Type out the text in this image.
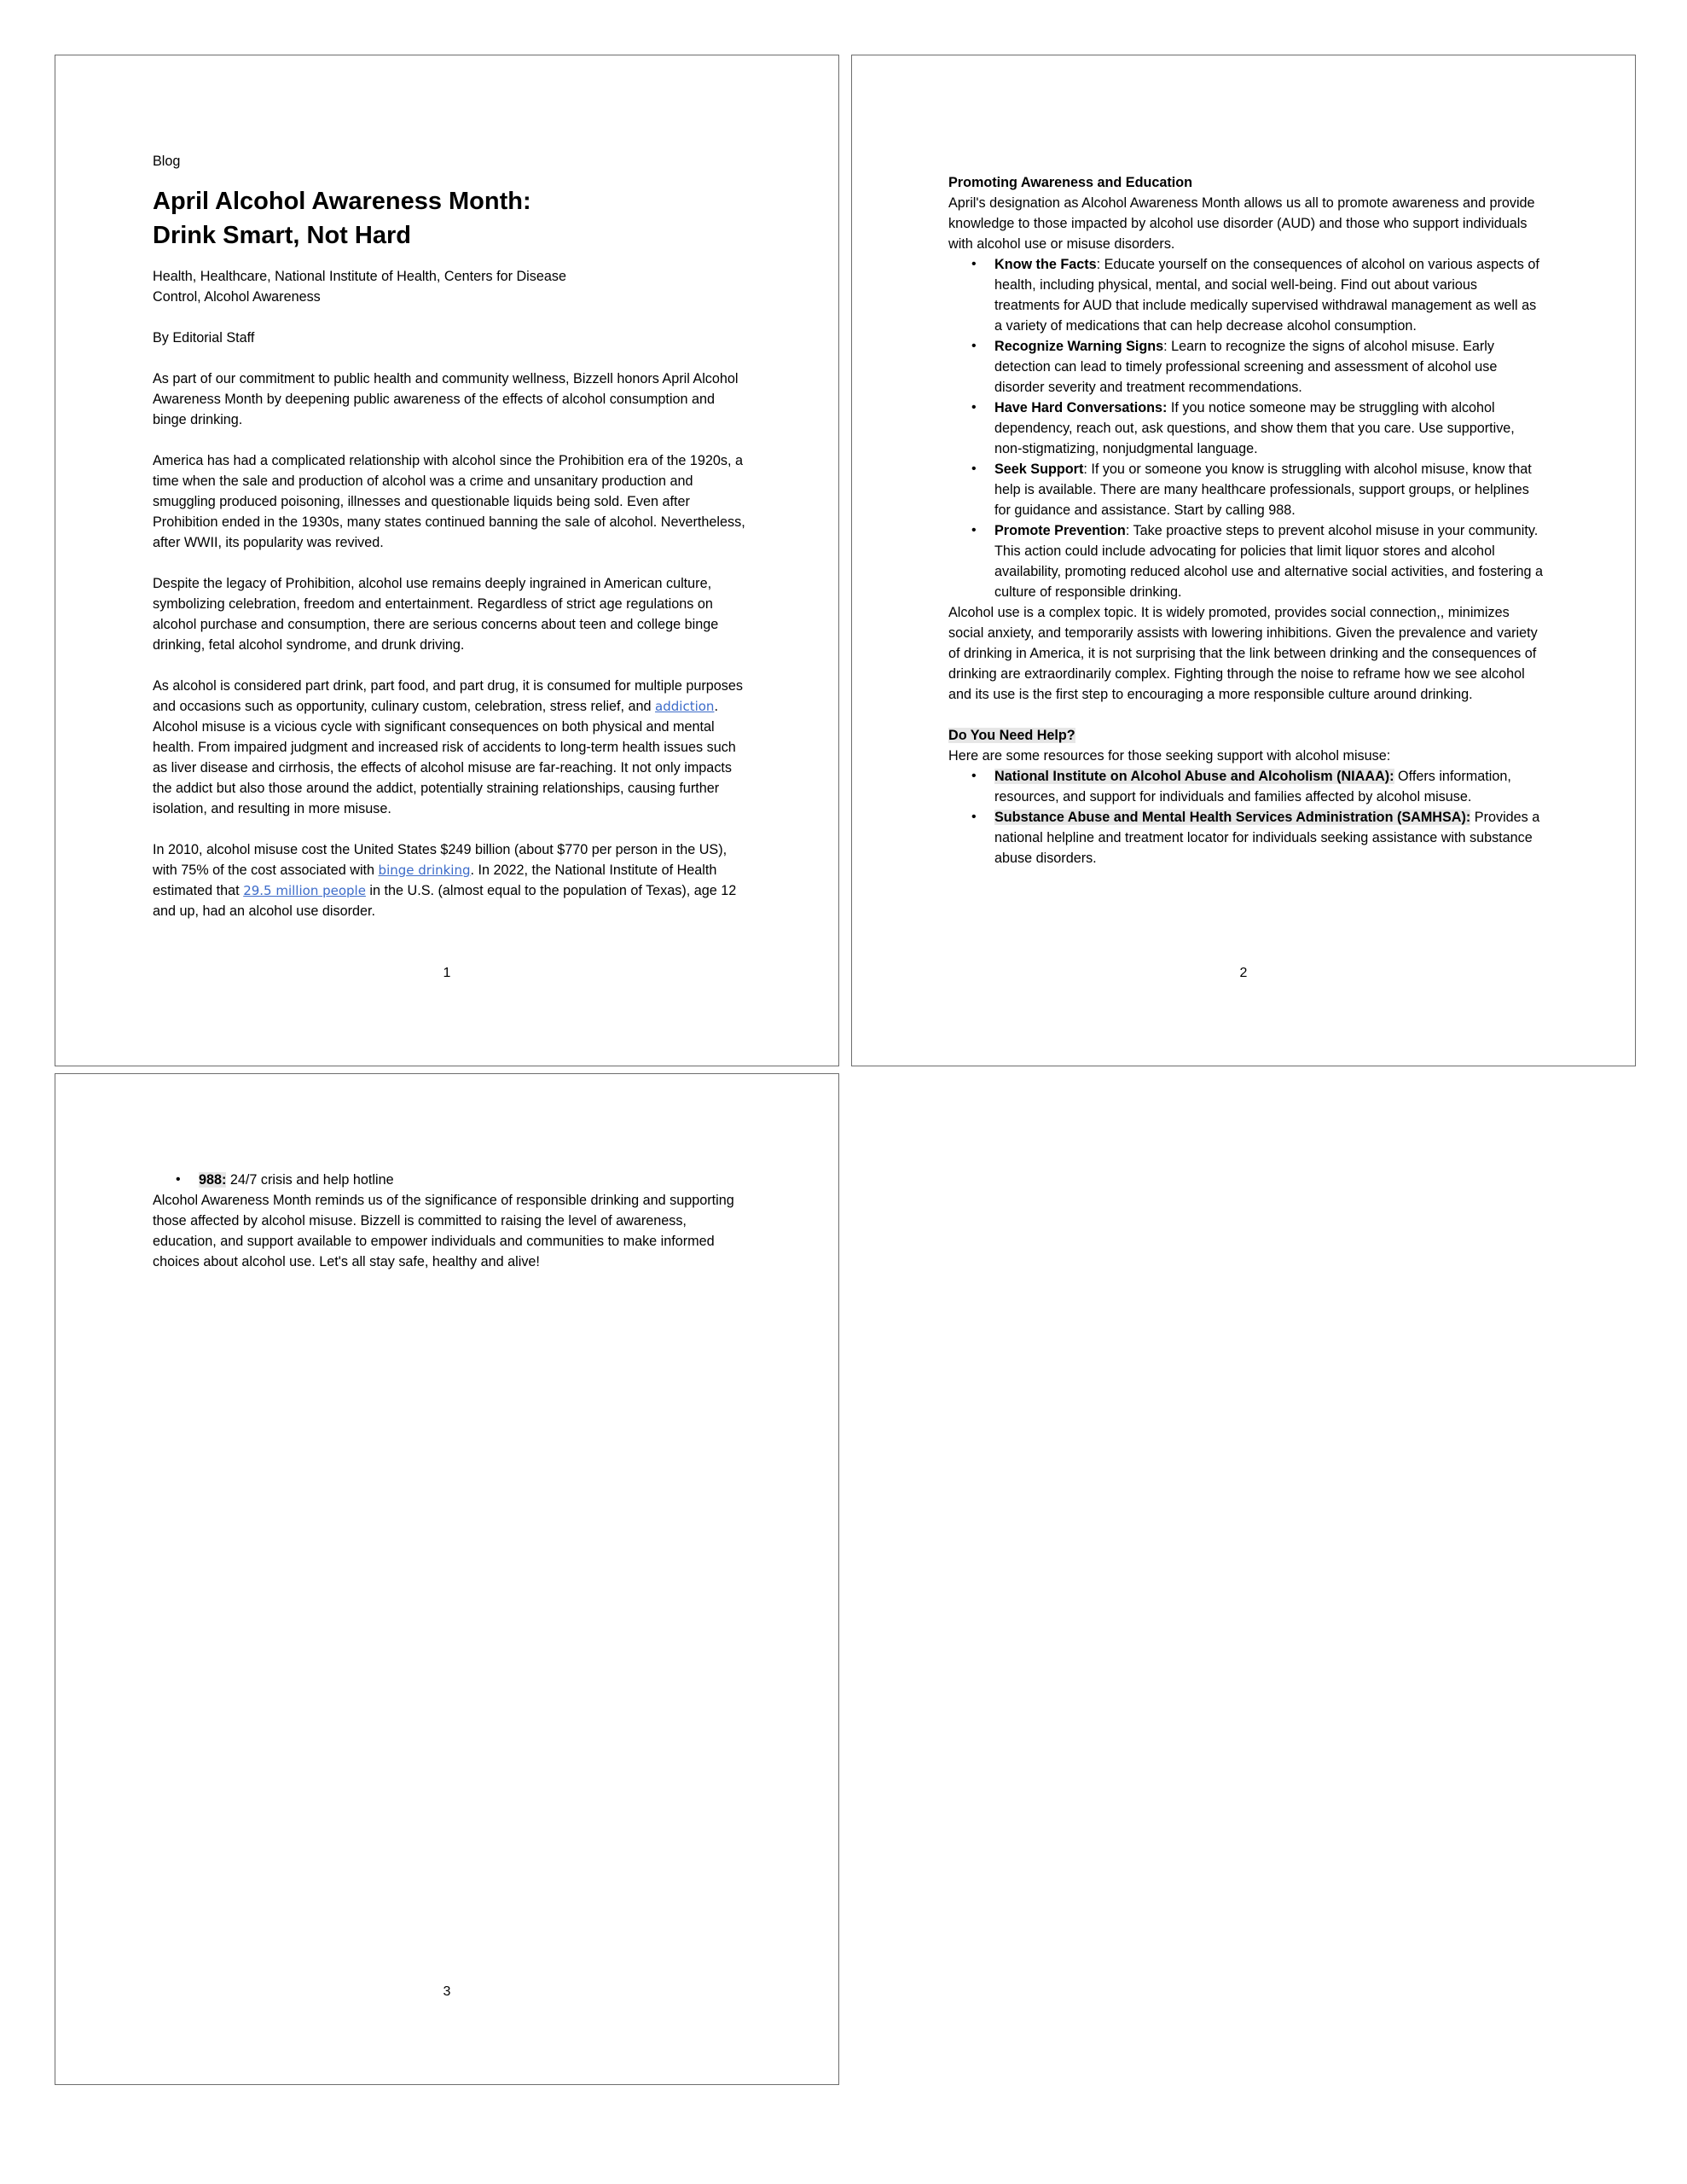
Blog

April Alcohol Awareness Month:
Drink Smart, Not Hard

Health, Healthcare, National Institute of Health, Centers for Disease
Control, Alcohol Awareness

By Editorial Staff

As part of our commitment to public health and community wellness, Bizzell honors April Alcohol Awareness Month by deepening public awareness of the effects of alcohol consumption and binge drinking.

America has had a complicated relationship with alcohol since the Prohibition era of the 1920s, a time when the sale and production of alcohol was a crime and unsanitary production and smuggling produced poisoning, illnesses and questionable liquids being sold. Even after Prohibition ended in the 1930s, many states continued banning the sale of alcohol. Nevertheless, after WWII, its popularity was revived.

Despite the legacy of Prohibition, alcohol use remains deeply ingrained in American culture, symbolizing celebration, freedom and entertainment. Regardless of strict age regulations on alcohol purchase and consumption, there are serious concerns about teen and college binge drinking, fetal alcohol syndrome, and drunk driving.

As alcohol is considered part drink, part food, and part drug, it is consumed for multiple purposes and occasions such as opportunity, culinary custom, celebration, stress relief, and addiction. Alcohol misuse is a vicious cycle with significant consequences on both physical and mental health. From impaired judgment and increased risk of accidents to long-term health issues such as liver disease and cirrhosis, the effects of alcohol misuse are far-reaching. It not only impacts the addict but also those around the addict, potentially straining relationships, causing further isolation, and resulting in more misuse.

In 2010, alcohol misuse cost the United States $249 billion (about $770 per person in the US), with 75% of the cost associated with binge drinking. In 2022, the National Institute of Health estimated that 29.5 million people in the U.S. (almost equal to the population of Texas), age 12 and up, had an alcohol use disorder.

1

Promoting Awareness and Education

April's designation as Alcohol Awareness Month allows us all to promote awareness and provide knowledge to those impacted by alcohol use disorder (AUD) and those who support individuals with alcohol use or misuse disorders.

• Know the Facts: Educate yourself on the consequences of alcohol on various aspects of health, including physical, mental, and social well-being. Find out about various treatments for AUD that include medically supervised withdrawal management as well as a variety of medications that can help decrease alcohol consumption.
• Recognize Warning Signs: Learn to recognize the signs of alcohol misuse. Early detection can lead to timely professional screening and assessment of alcohol use disorder severity and treatment recommendations.
• Have Hard Conversations: If you notice someone may be struggling with alcohol dependency, reach out, ask questions, and show them that you care. Use supportive, non-stigmatizing, nonjudgmental language.
• Seek Support: If you or someone you know is struggling with alcohol misuse, know that help is available. There are many healthcare professionals, support groups, or helplines for guidance and assistance. Start by calling 988.
• Promote Prevention: Take proactive steps to prevent alcohol misuse in your community. This action could include advocating for policies that limit liquor stores and alcohol availability, promoting reduced alcohol use and alternative social activities, and fostering a culture of responsible drinking.

Alcohol use is a complex topic. It is widely promoted, provides social connection,, minimizes social anxiety, and temporarily assists with lowering inhibitions. Given the prevalence and variety of drinking in America, it is not surprising that the link between drinking and the consequences of drinking are extraordinarily complex. Fighting through the noise to reframe how we see alcohol and its use is the first step to encouraging a more responsible culture around drinking.

Do You Need Help?

Here are some resources for those seeking support with alcohol misuse:

• National Institute on Alcohol Abuse and Alcoholism (NIAAA): Offers information, resources, and support for individuals and families affected by alcohol misuse.
• Substance Abuse and Mental Health Services Administration (SAMHSA): Provides a national helpline and treatment locator for individuals seeking assistance with substance abuse disorders.
2
• 988: 24/7 crisis and help hotline

Alcohol Awareness Month reminds us of the significance of responsible drinking and supporting those affected by alcohol misuse. Bizzell is committed to raising the level of awareness, education, and support available to empower individuals and communities to make informed choices about alcohol use. Let's all stay safe, healthy and alive!

3
